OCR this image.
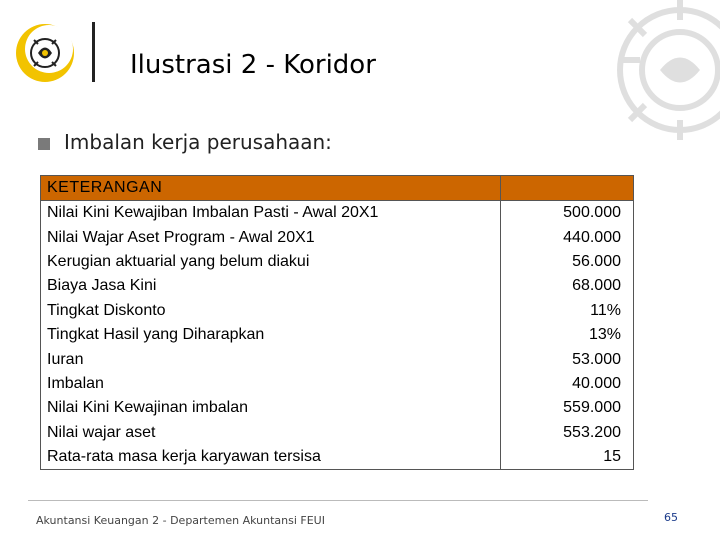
Ilustrasi 2 - Koridor
Imbalan kerja perusahaan:
KETERANGAN	
Nilai Kini Kewajiban Imbalan Pasti - Awal 20X1	500.000
Nilai Wajar Aset Program - Awal 20X1	440.000
Kerugian aktuarial yang belum diakui	56.000
Biaya Jasa Kini	68.000
Tingkat Diskonto	11%
Tingkat Hasil yang Diharapkan	13%
Iuran	53.000
Imbalan	40.000
Nilai Kini Kewajinan imbalan	559.000
Nilai wajar aset	553.200
Rata-rata masa kerja karyawan tersisa	15
Akuntansi Keuangan 2 - Departemen Akuntansi FEUI	65
